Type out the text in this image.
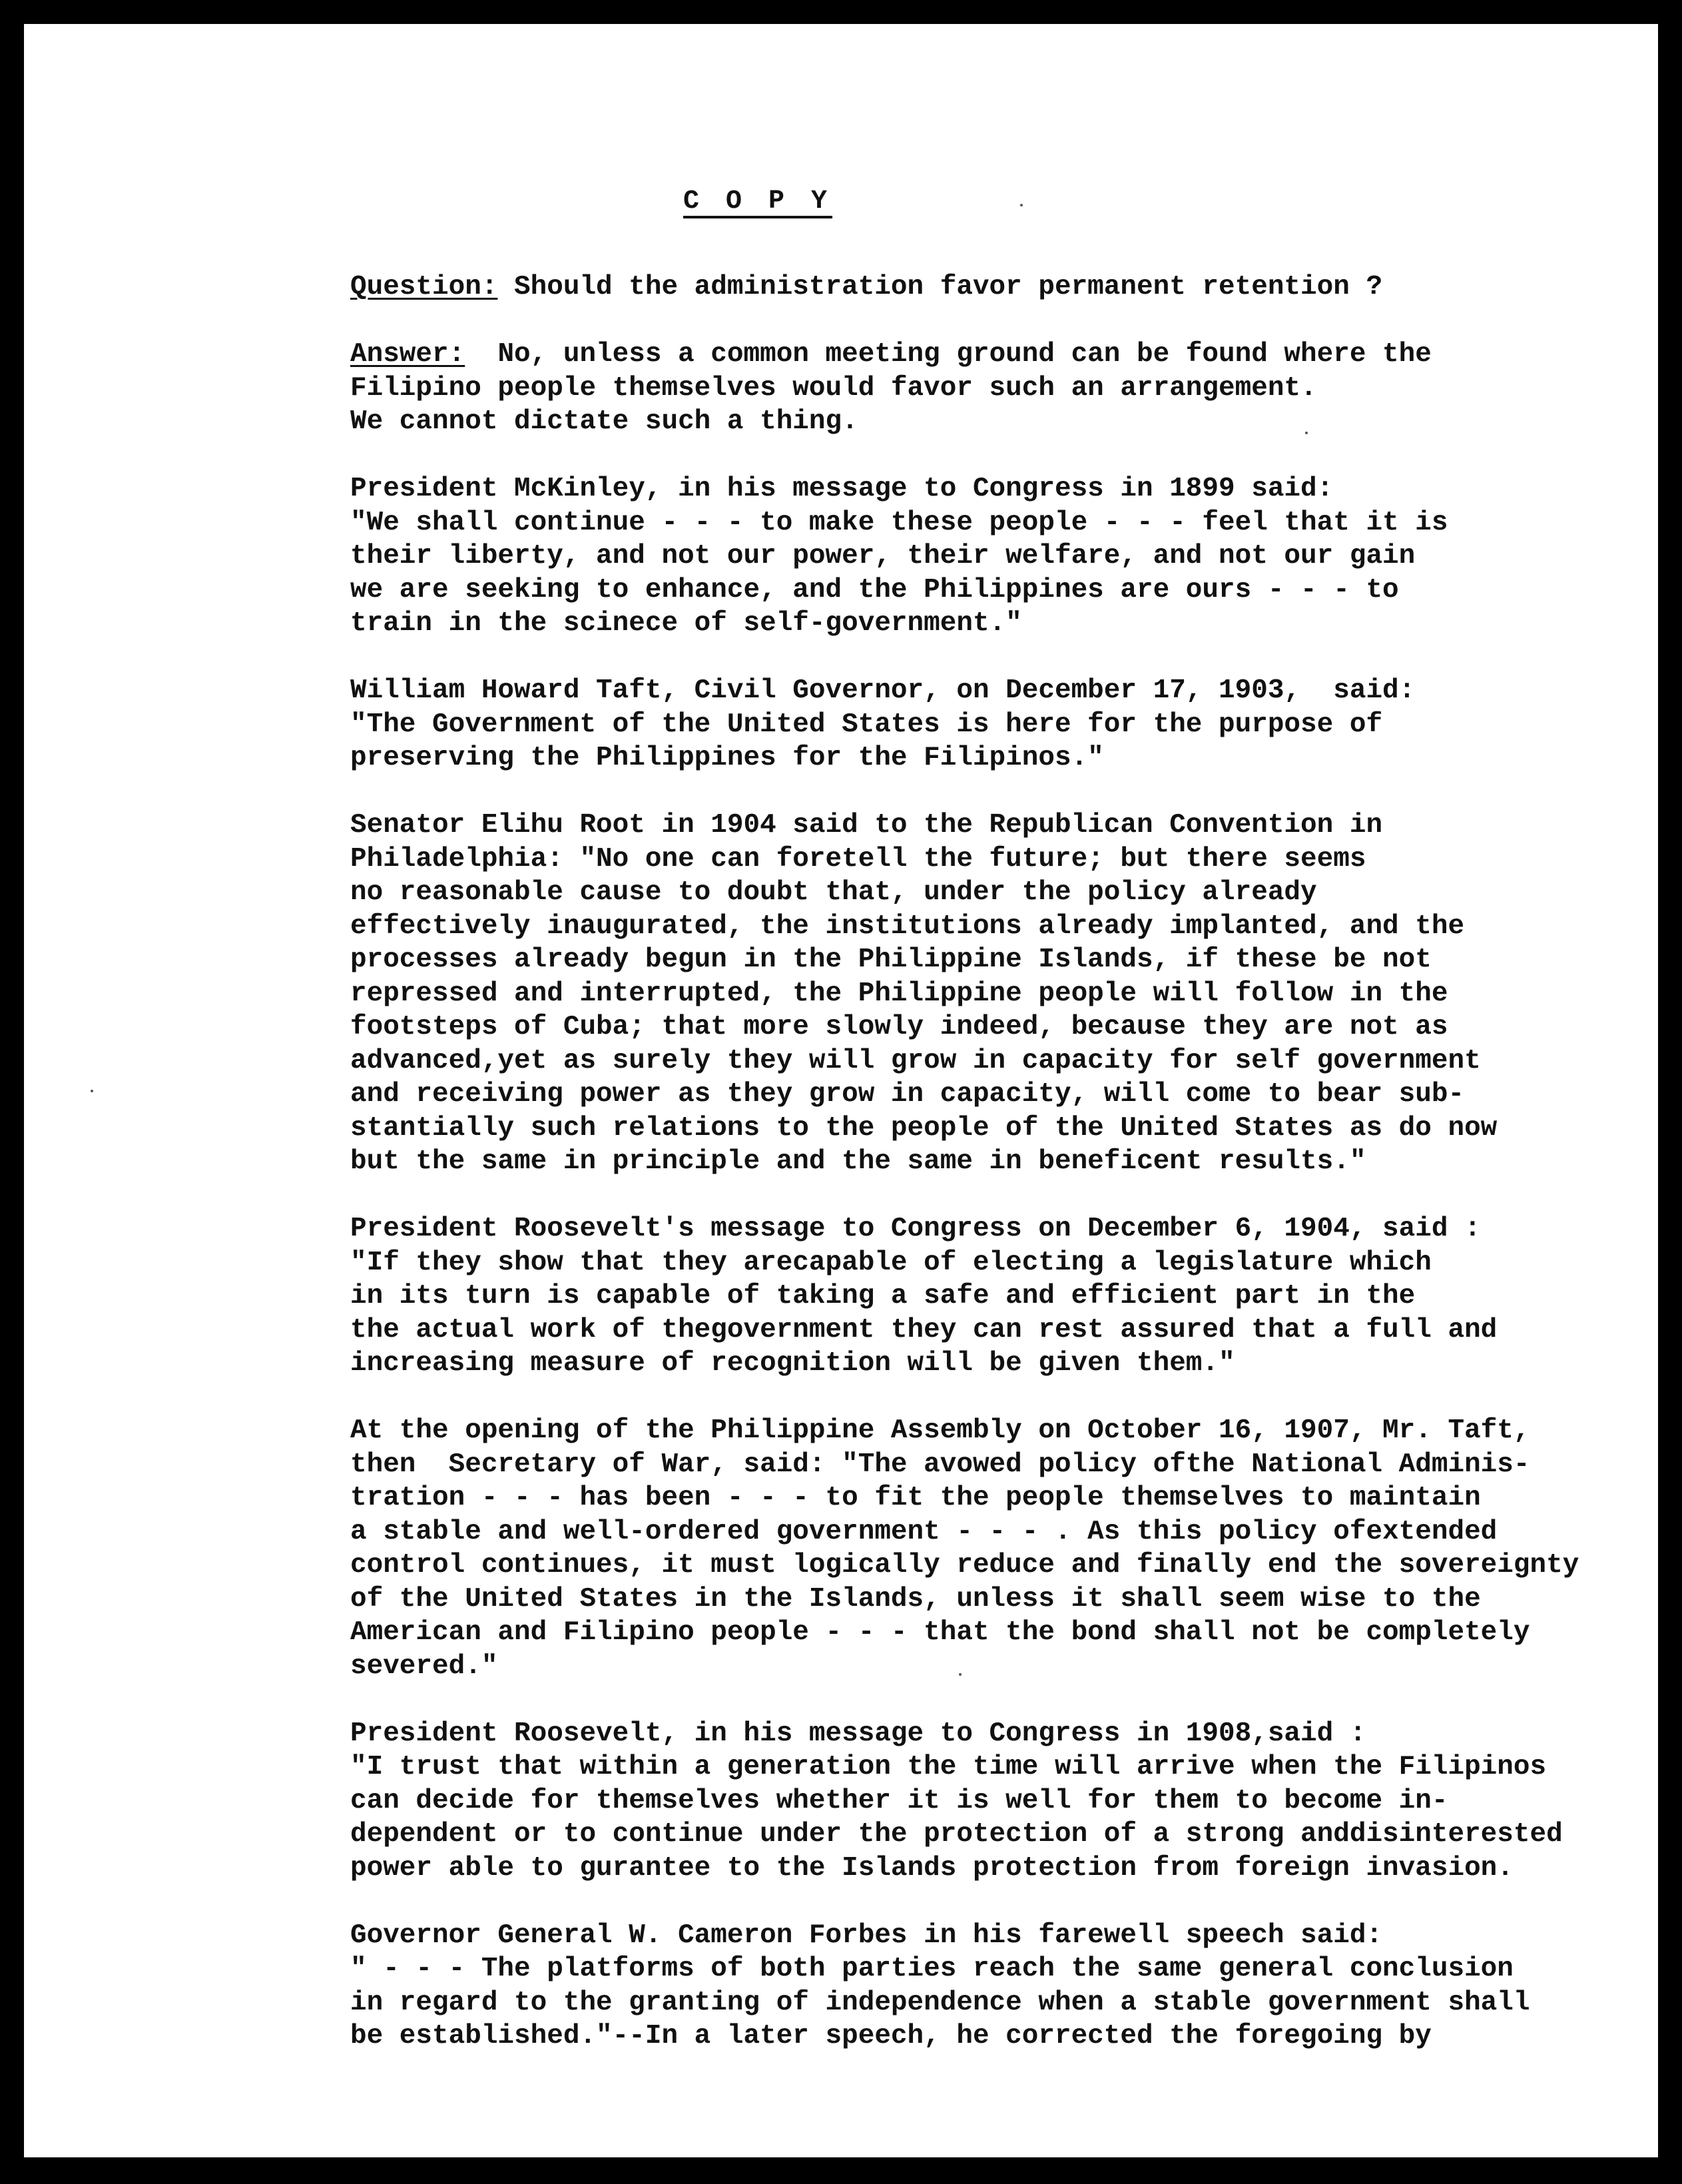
C O P Y
Question: Should the administration favor permanent retention ?
Answer:  No, unless a common meeting ground can be found where the
Filipino people themselves would favor such an arrangement.
We cannot dictate such a thing.
President McKinley, in his message to Congress in 1899 said:
"We shall continue - - - to make these people - - - feel that it is
their liberty, and not our power, their welfare, and not our gain
we are seeking to enhance, and the Philippines are ours - - - to
train in the scinece of self-government."
William Howard Taft, Civil Governor, on December 17, 1903,  said:
"The Government of the United States is here for the purpose of
preserving the Philippines for the Filipinos."
Senator Elihu Root in 1904 said to the Republican Convention in
Philadelphia: "No one can foretell the future; but there seems
no reasonable cause to doubt that, under the policy already
effectively inaugurated, the institutions already implanted, and the
processes already begun in the Philippine Islands, if these be not
repressed and interrupted, the Philippine people will follow in the
footsteps of Cuba; that more slowly indeed, because they are not as
advanced,yet as surely they will grow in capacity for self government
and receiving power as they grow in capacity, will come to bear sub-
stantially such relations to the people of the United States as do now
but the same in principle and the same in beneficent results."
President Roosevelt's message to Congress on December 6, 1904, said :
"If they show that they arecapable of electing a legislature which
in its turn is capable of taking a safe and efficient part in the
the actual work of thegovernment they can rest assured that a full and
increasing measure of recognition will be given them."
At the opening of the Philippine Assembly on October 16, 1907, Mr. Taft,
then  Secretary of War, said: "The avowed policy ofthe National Adminis-
tration - - - has been - - - to fit the people themselves to maintain
a stable and well-ordered government - - - . As this policy ofextended
control continues, it must logically reduce and finally end the sovereignty
of the United States in the Islands, unless it shall seem wise to the
American and Filipino people - - - that the bond shall not be completely
severed."
President Roosevelt, in his message to Congress in 1908,said :
"I trust that within a generation the time will arrive when the Filipinos
can decide for themselves whether it is well for them to become in-
dependent or to continue under the protection of a strong anddisinterested
power able to gurantee to the Islands protection from foreign invasion.
Governor General W. Cameron Forbes in his farewell speech said:
" - - - The platforms of both parties reach the same general conclusion
in regard to the granting of independence when a stable government shall
be established."--In a later speech, he corrected the foregoing by
